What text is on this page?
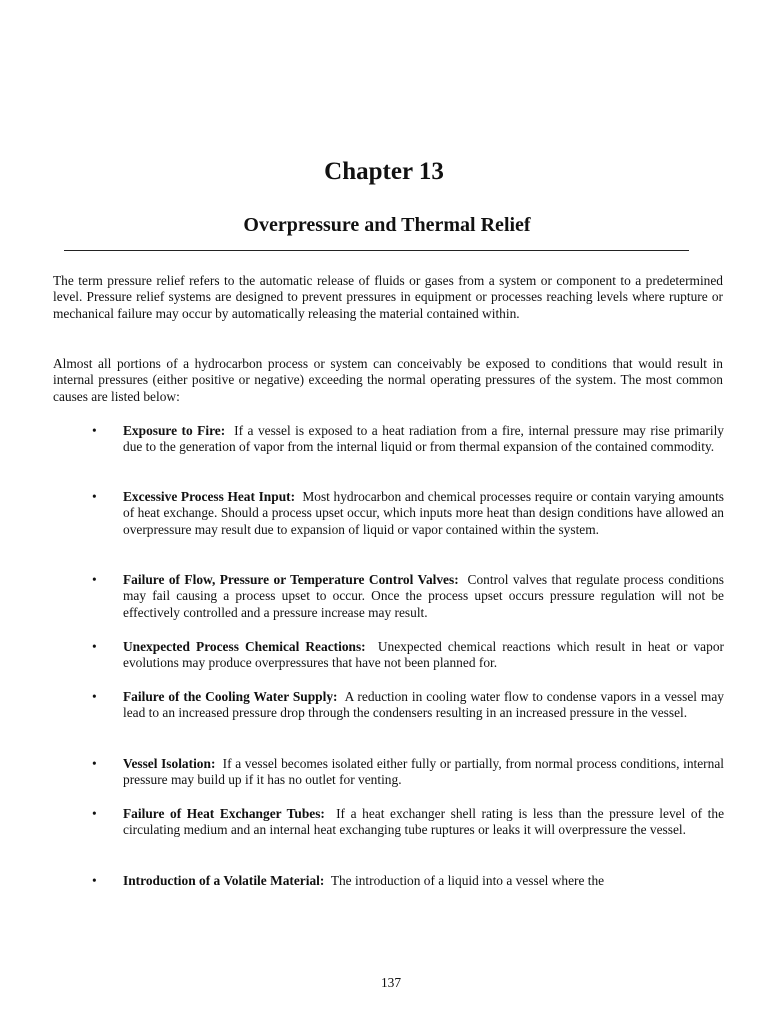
Chapter 13
Overpressure and Thermal Relief

The term pressure relief refers to the automatic release of fluids or gases from a system or component to a predetermined level. Pressure relief systems are designed to prevent pressures in equipment or processes reaching levels where rupture or mechanical failure may occur by automatically releasing the material contained within.

Almost all portions of a hydrocarbon process or system can conceivably be exposed to conditions that would result in internal pressures (either positive or negative) exceeding the normal operating pressures of the system. The most common causes are listed below:

• Exposure to Fire: If a vessel is exposed to a heat radiation from a fire, internal pressure may rise primarily due to the generation of vapor from the internal liquid or from thermal expansion of the contained commodity.

• Excessive Process Heat Input: Most hydrocarbon and chemical processes require or contain varying amounts of heat exchange. Should a process upset occur, which inputs more heat than design conditions have allowed an overpressure may result due to expansion of liquid or vapor contained within the system.

• Failure of Flow, Pressure or Temperature Control Valves: Control valves that regulate process conditions may fail causing a process upset to occur. Once the process upset occurs pressure regulation will not be effectively controlled and a pressure increase may result.

• Unexpected Process Chemical Reactions: Unexpected chemical reactions which result in heat or vapor evolutions may produce overpressures that have not been planned for.

• Failure of the Cooling Water Supply: A reduction in cooling water flow to condense vapors in a vessel may lead to an increased pressure drop through the condensers resulting in an increased pressure in the vessel.

• Vessel Isolation: If a vessel becomes isolated either fully or partially, from normal process conditions, internal pressure may build up if it has no outlet for venting.

• Failure of Heat Exchanger Tubes: If a heat exchanger shell rating is less than the pressure level of the circulating medium and an internal heat exchanging tube ruptures or leaks it will overpressure the vessel.

• Introduction of a Volatile Material: The introduction of a liquid into a vessel where the

137
